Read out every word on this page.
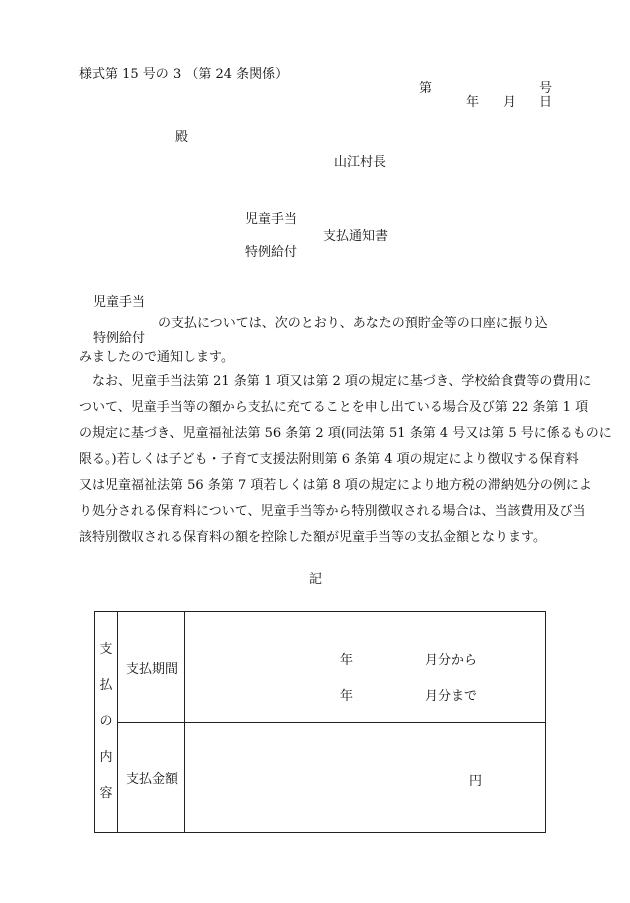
様式第 15 号の 3 （第 24 条関係）
第	号
年 月 日
殿
山江村長
児童手当
支払通知書
特例給付
児童手当
の支払については、次のとおり、あなたの預貯金等の口座に振り込
特例給付
みましたので通知します。
なお、児童手当法第 21 条第 1 項又は第 2 項の規定に基づき、学校給食費等の費用に
ついて、児童手当等の額から支払に充てることを申し出ている場合及び第 22 条第 1 項
の規定に基づき、児童福祉法第 56 条第 2 項(同法第 51 条第 4 号又は第 5 号に係るものに
限る。)若しくは子ども・子育て支援法附則第 6 条第 4 項の規定により徴収する保育料
又は児童福祉法第 56 条第 7 項若しくは第 8 項の規定により地方税の滞納処分の例によ
り処分される保育料について、児童手当等から特別徴収される場合は、当該費用及び当
該特別徴収される保育料の額を控除した額が児童手当等の支払金額となります。
記
支
払
の
内
容	支払期間	年 月分から
年 月分まで

	支払金額	円
